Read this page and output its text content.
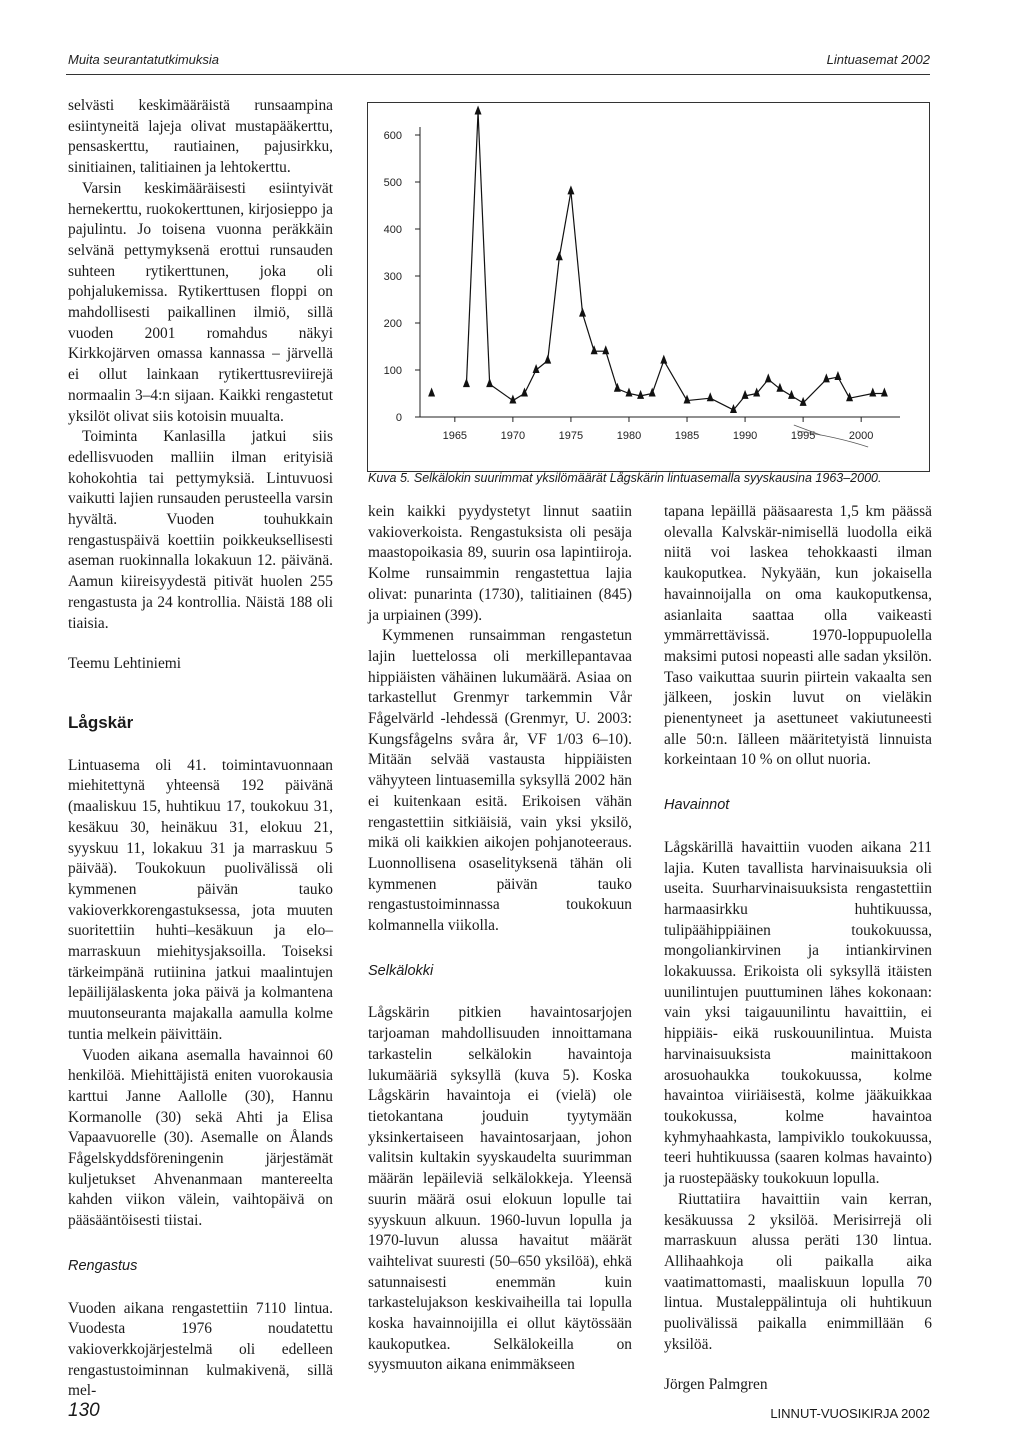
Muita seurantatutkimuksia	Lintuasemat 2002

selvästi keskimääräistä runsaampina esiintyneitä lajeja olivat mustapääkerttu, pensaskerttu, rautiainen, pajusirkku, sinitiainen, talitiainen ja lehtokerttu.

Varsin keskimääräisesti esiintyivät hernekerttu, ruokokerttunen, kirjosieppo ja pajulintu. Jo toisena vuonna peräkkäin selvänä pettymyksenä erottui runsauden suhteen rytikerttunen, joka oli pohjalukemissa. Rytikerttusen floppi on mahdollisesti paikallinen ilmiö, sillä vuoden 2001 romahdus näkyi Kirkkojärven omassa kannassa – järvellä ei ollut lainkaan rytikerttusreviirejä normaalin 3–4:n sijaan. Kaikki rengastetut yksilöt olivat siis kotoisin muualta.

Toiminta Kanlasilla jatkui siis edellisvuoden malliin ilman erityisiä kohokohtia tai pettymyksiä. Lintuvuosi vaikutti lajien runsauden perusteella varsin hyvältä. Vuoden touhukkain rengastuspäivä koettiin poikkeuksellisesti aseman ruokinnalla lokakuun 12. päivänä. Aamun kiireisyydestä pitivät huolen 255 rengastusta ja 24 kontrollia. Näistä 188 oli tiaisia.

Teemu Lehtiniemi

Lågskär

Lintuasema oli 41. toimintavuonnaan miehitettynä yhteensä 192 päivänä (maaliskuu 15, huhtikuu 17, toukokuu 31, kesäkuu 30, heinäkuu 31, elokuu 21, syyskuu 11, lokakuu 31 ja marraskuu 5 päivää). Toukokuun puolivälissä oli kymmenen päivän tauko vakioverkkorengastuksessa, jota muuten suoritettiin huhti–kesäkuun ja elo–marraskuun miehitysjaksoilla. Toiseksi tärkeimpänä rutiinina jatkui maalintujen lepäilijälaskenta joka päivä ja kolmantena muutonseuranta majakalla aamulla kolme tuntia melkein päivittäin.

Vuoden aikana asemalla havainnoi 60 henkilöä. Miehittäjistä eniten vuorokausia karttui Janne Aallolle (30), Hannu Kormanolle (30) sekä Ahti ja Elisa Vapaavuorelle (30). Asemalle on Ålands Fågelskyddsföreningenin järjestämät kuljetukset Ahvenanmaan mantereelta kahden viikon välein, vaihtopäivä on pääsääntöisesti tiistai.

Rengastus

Vuoden aikana rengastettiin 7110 lintua. Vuodesta 1976 noudatettu vakioverkkojärjestelmä oli edelleen rengastustoiminnan kulmakivenä, sillä mel-

0
100
200
300
400
500
600
1965	1970	1975	1980	1985	1990	1995	2000
Kuva 5. Selkälokin suurimmat yksilömäärät Lågskärin lintuasemalla syyskausina 1963–2000.

kein kaikki pyydystetyt linnut saatiin vakioverkoista. Rengastuksista oli pesäja maastopoikasia 89, suurin osa lapintiiroja. Kolme runsaimmin rengastettua lajia olivat: punarinta (1730), talitiainen (845) ja urpiainen (399).

Kymmenen runsaimman rengastetun lajin luettelossa oli merkillepantavaa hippiäisten vähäinen lukumäärä. Asiaa on tarkastellut Grenmyr tarkemmin Vår Fågelvärld -lehdessä (Grenmyr, U. 2003: Kungsfågelns svåra år, VF 1/03 6–10). Mitään selvää vastausta hippiäisten vähyyteen lintuasemilla syksyllä 2002 hän ei kuitenkaan esitä. Erikoisen vähän rengastettiin sitkiäisiä, vain yksi yksilö, mikä oli kaikkien aikojen pohjanoteeraus. Luonnollisena osaselityksenä tähän oli kymmenen päivän tauko rengastustoiminnassa toukokuun kolmannella viikolla.

Selkälokki

Lågskärin pitkien havaintosarjojen tarjoaman mahdollisuuden innoittamana tarkastelin selkälokin havaintoja lukumääriä syksyllä (kuva 5). Koska Lågskärin havaintoja ei (vielä) ole tietokantana jouduin tyytymään yksinkertaiseen havaintosarjaan, johon valitsin kultakin syyskaudelta suurimman määrän lepäileviä selkälokkeja. Yleensä suurin määrä osui elokuun lopulle tai syyskuun alkuun. 1960-luvun lopulla ja 1970-luvun alussa havaitut määrät vaihtelivat suuresti (50–650 yksilöä), ehkä satunnaisesti enemmän kuin tarkastelujakson keskivaiheilla tai lopulla koska havainnoijilla ei ollut käytössään kaukoputkea. Selkälokeilla on syysmuuton aikana enimmäkseen

tapana lepäillä pääsaaresta 1,5 km päässä olevalla Kalvskär-nimisellä luodolla eikä niitä voi laskea tehokkaasti ilman kaukoputkea. Nykyään, kun jokaisella havainnoijalla on oma kaukoputkensa, asianlaita saattaa olla vaikeasti ymmärrettävissä. 1970-loppupuolella maksimi putosi nopeasti alle sadan yksilön. Taso vaikuttaa suurin piirtein vakaalta sen jälkeen, joskin luvut on vieläkin pienentyneet ja asettuneet vakiutuneesti alle 50:n. Iälleen määritetyistä linnuista korkeintaan 10 % on ollut nuoria.

Havainnot

Lågskärillä havaittiin vuoden aikana 211 lajia. Kuten tavallista harvinaisuuksia oli useita. Suurharvinaisuuksista rengastettiin harmaasirkku huhtikuussa, tulipäähippiäinen toukokuussa, mongoliankirvinen ja intiankirvinen lokakuussa. Erikoista oli syksyllä itäisten uunilintujen puuttuminen lähes kokonaan: vain yksi taigauunilintu havaittiin, ei hippiäis- eikä ruskouunilintua. Muista harvinaisuuksista mainittakoon arosuohaukka toukokuussa, kolme havaintoa viiriäisestä, kolme jääkuikkaa toukokussa, kolme havaintoa kyhmyhaahkasta, lampiviklo toukokuussa, teeri huhtikuussa (saaren kolmas havainto) ja ruostepääsky toukokuun lopulla.

Riuttatiira havaittiin vain kerran, kesäkuussa 2 yksilöä. Merisirrejä oli marraskuun alussa peräti 130 lintua. Allihaahkoja oli paikalla aika vaatimattomasti, maaliskuun lopulla 70 lintua. Mustaleppälintuja oli huhtikuun puolivälissä paikalla enimmillään 6 yksilöä.

Jörgen Palmgren

130	LINNUT-VUOSIKIRJA 2002
